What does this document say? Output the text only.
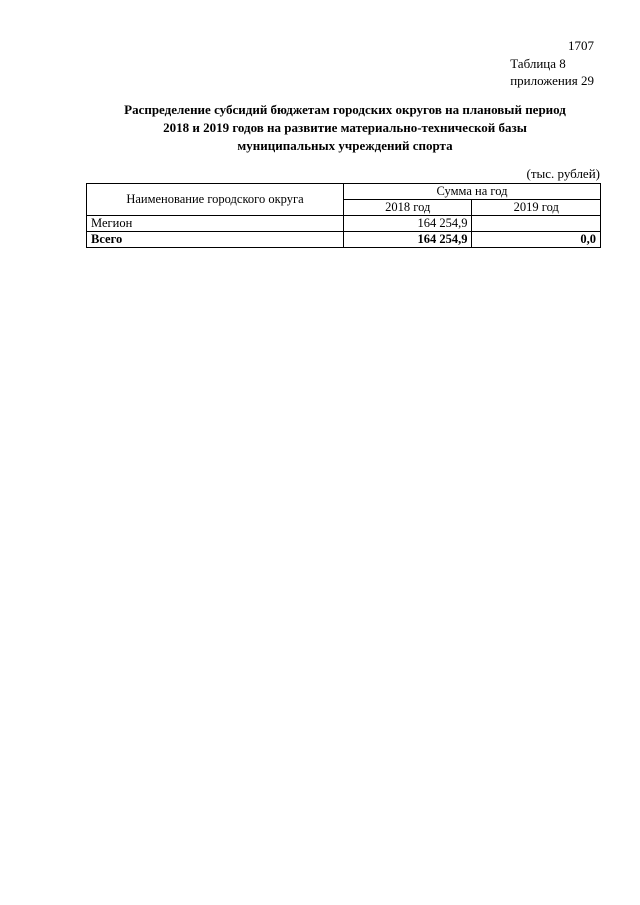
1707
Таблица 8
приложения 29
Распределение субсидий бюджетам городских округов на плановый период
2018 и 2019 годов на развитие материально-технической базы
муниципальных учреждений спорта
(тыс. рублей)
Наименование городского округа	Сумма на год	
	2018 год	2019 год
Мегион	164 254,9	
Всего	164 254,9	0,0
